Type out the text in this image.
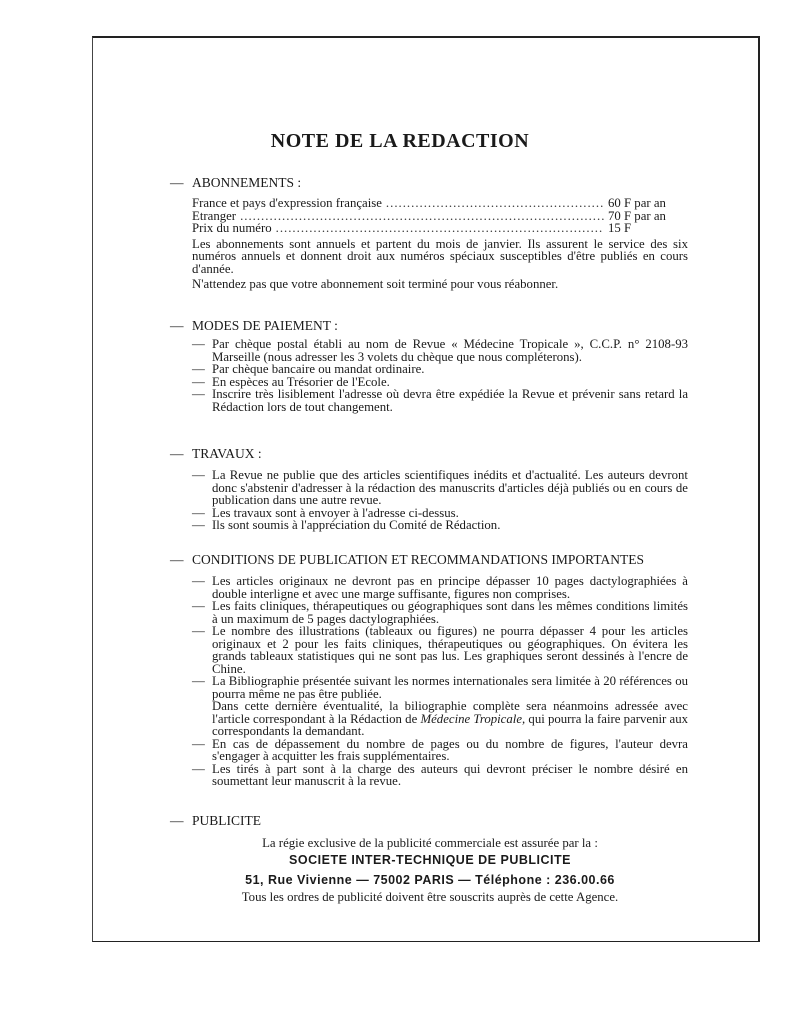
NOTE DE LA REDACTION
— ABONNEMENTS :
France et pays d'expression française .....	60 F par an
Etranger .....	70 F par an
Prix du numéro .....	15 F

Les abonnements sont annuels et partent du mois de janvier. Ils assurent le service des six numéros annuels et donnent droit aux numéros spéciaux susceptibles d'être publiés en cours d'année.

N'attendez pas que votre abonnement soit terminé pour vous réabonner.

— MODES DE PAIEMENT :
— Par chèque postal établi au nom de Revue « Médecine Tropicale », C.C.P. n° 2108-93 Marseille (nous adresser les 3 volets du chèque que nous compléterons).
— Par chèque bancaire ou mandat ordinaire.
— En espèces au Trésorier de l'Ecole.
— Inscrire très lisiblement l'adresse où devra être expédiée la Revue et prévenir sans retard la Rédaction lors de tout changement.
— TRAVAUX :
— La Revue ne publie que des articles scientifiques inédits et d'actualité. Les auteurs devront donc s'abstenir d'adresser à la rédaction des manuscrits d'articles déjà publiés ou en cours de publication dans une autre revue.
— Les travaux sont à envoyer à l'adresse ci-dessus.
— Ils sont soumis à l'appréciation du Comité de Rédaction.
— CONDITIONS DE PUBLICATION ET RECOMMANDATIONS IMPORTANTES
— Les articles originaux ne devront pas en principe dépasser 10 pages dactylographiées à double interligne et avec une marge suffisante, figures non comprises.
— Les faits cliniques, thérapeutiques ou géographiques sont dans les mêmes conditions limités à un maximum de 5 pages dactylographiées.
— Le nombre des illustrations (tableaux ou figures) ne pourra dépasser 4 pour les articles originaux et 2 pour les faits cliniques, thérapeutiques ou géographiques. On évitera les grands tableaux statistiques qui ne sont pas lus. Les graphiques seront dessinés à l'encre de Chine.
— La Bibliographie présentée suivant les normes internationales sera limitée à 20 références ou pourra même ne pas être publiée.
Dans cette dernière éventualité, la biliographie complète sera néanmoins adressée avec l'article correspondant à la Rédaction de Médecine Tropicale, qui pourra la faire parvenir aux correspondants la demandant.
— En cas de dépassement du nombre de pages ou du nombre de figures, l'auteur devra s'engager à acquitter les frais supplémentaires.
— Les tirés à part sont à la charge des auteurs qui devront préciser le nombre désiré en soumettant leur manuscrit à la revue.
— PUBLICITE
La régie exclusive de la publicité commerciale est assurée par la :
SOCIETE INTER-TECHNIQUE DE PUBLICITE
51, Rue Vivienne — 75002 PARIS — Téléphone : 236.00.66
Tous les ordres de publicité doivent être souscrits auprès de cette Agence.
